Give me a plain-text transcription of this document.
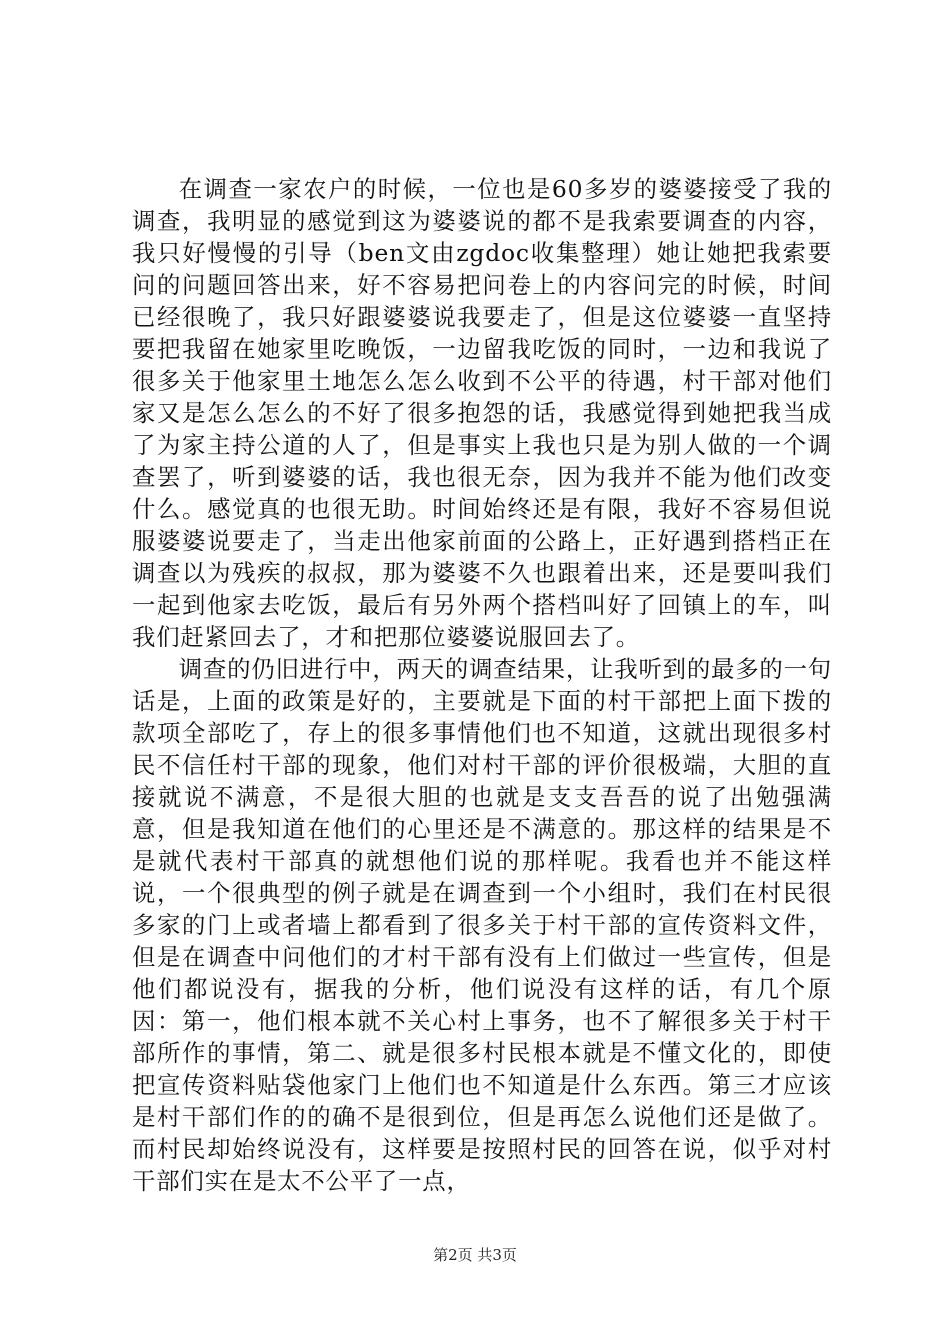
在调查一家农户的时候，一位也是60多岁的婆婆接受了我的调查，我明显的感觉到这为婆婆说的都不是我索要调查的内容，我只好慢慢的引导（ben文由zgdoc收集整理）她让她把我索要问的问题回答出来，好不容易把问卷上的内容问完的时候，时间已经很晚了，我只好跟婆婆说我要走了，但是这位婆婆一直坚持要把我留在她家里吃晚饭，一边留我吃饭的同时，一边和我说了很多关于他家里土地怎么怎么收到不公平的待遇，村干部对他们家又是怎么怎么的不好了很多抱怨的话，我感觉得到她把我当成了为家主持公道的人了，但是事实上我也只是为别人做的一个调查罢了，听到婆婆的话，我也很无奈，因为我并不能为他们改变什么。感觉真的也很无助。时间始终还是有限，我好不容易但说服婆婆说要走了，当走出他家前面的公路上，正好遇到搭档正在调查以为残疾的叔叔，那为婆婆不久也跟着出来，还是要叫我们一起到他家去吃饭，最后有另外两个搭档叫好了回镇上的车，叫我们赶紧回去了，才和把那位婆婆说服回去了。

调查的仍旧进行中，两天的调查结果，让我听到的最多的一句话是，上面的政策是好的，主要就是下面的村干部把上面下拨的款项全部吃了，存上的很多事情他们也不知道，这就出现很多村民不信任村干部的现象，他们对村干部的评价很极端，大胆的直接就说不满意，不是很大胆的也就是支支吾吾的说了出勉强满意，但是我知道在他们的心里还是不满意的。那这样的结果是不是就代表村干部真的就想他们说的那样呢。我看也并不能这样说，一个很典型的例子就是在调查到一个小组时，我们在村民很多家的门上或者墙上都看到了很多关于村干部的宣传资料文件，但是在调查中问他们的才村干部有没有上们做过一些宣传，但是他们都说没有，据我的分析，他们说没有这样的话，有几个原因：第一，他们根本就不关心村上事务，也不了解很多关于村干部所作的事情，第二、就是很多村民根本就是不懂文化的，即使把宣传资料贴袋他家门上他们也不知道是什么东西。第三才应该是村干部们作的的确不是很到位，但是再怎么说他们还是做了。而村民却始终说没有，这样要是按照村民的回答在说，似乎对村干部们实在是太不公平了一点，

第2页 共3页
